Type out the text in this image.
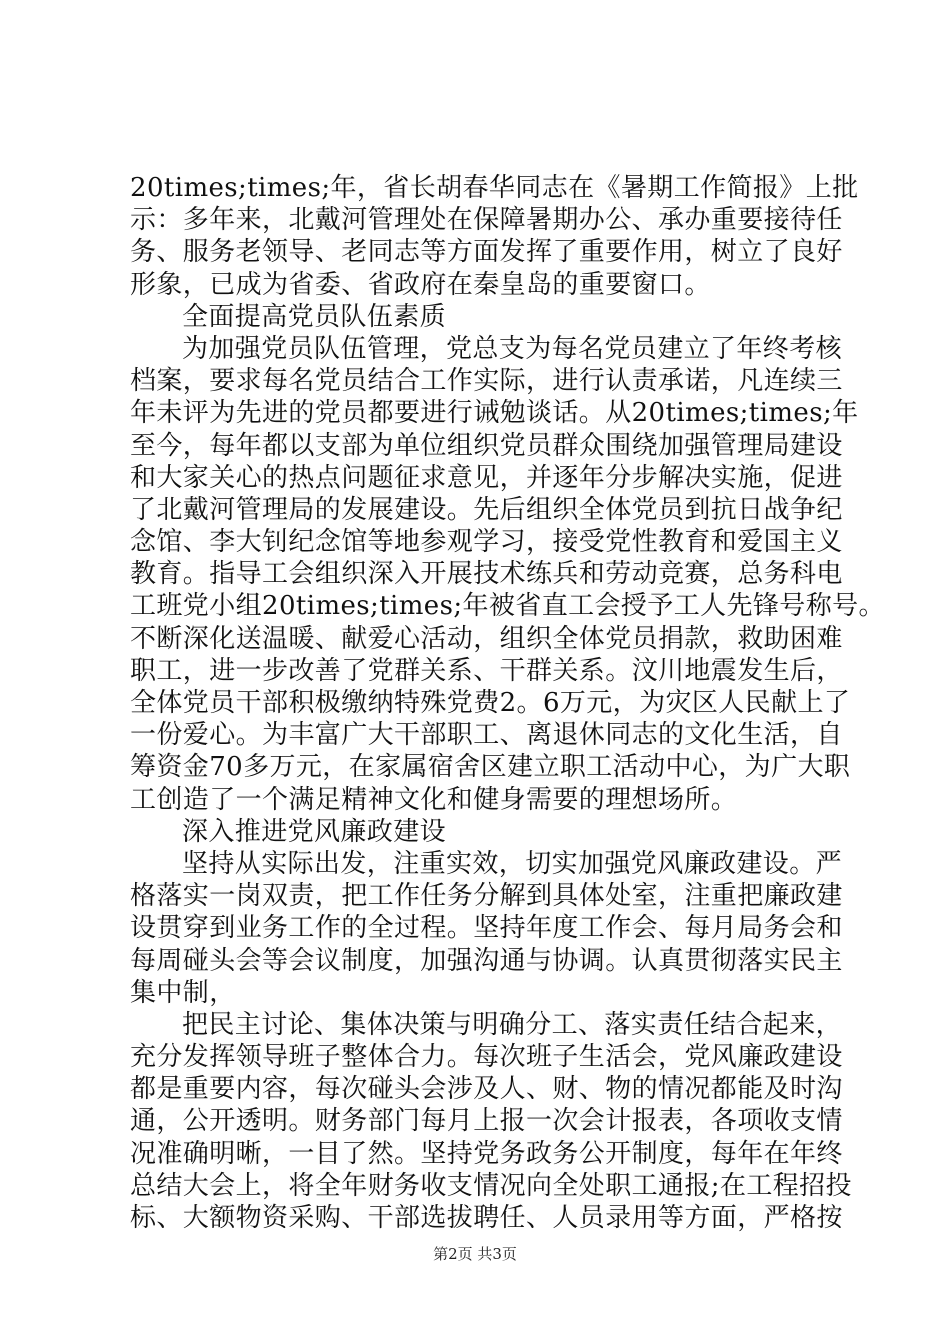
20times;times;年，省长胡春华同志在《暑期工作简报》上批
示：多年来，北戴河管理处在保障暑期办公、承办重要接待任
务、服务老领导、老同志等方面发挥了重要作用，树立了良好
形象，已成为省委、省政府在秦皇岛的重要窗口。
全面提高党员队伍素质
为加强党员队伍管理，党总支为每名党员建立了年终考核
档案，要求每名党员结合工作实际，进行认责承诺，凡连续三
年未评为先进的党员都要进行诫勉谈话。从20times;times;年
至今，每年都以支部为单位组织党员群众围绕加强管理局建设
和大家关心的热点问题征求意见，并逐年分步解决实施，促进
了北戴河管理局的发展建设。先后组织全体党员到抗日战争纪
念馆、李大钊纪念馆等地参观学习，接受党性教育和爱国主义
教育。指导工会组织深入开展技术练兵和劳动竞赛，总务科电
工班党小组20times;times;年被省直工会授予工人先锋号称号。
不断深化送温暖、献爱心活动，组织全体党员捐款，救助困难
职工，进一步改善了党群关系、干群关系。汶川地震发生后，
全体党员干部积极缴纳特殊党费2。6万元，为灾区人民献上了
一份爱心。为丰富广大干部职工、离退休同志的文化生活，自
筹资金70多万元，在家属宿舍区建立职工活动中心，为广大职
工创造了一个满足精神文化和健身需要的理想场所。
深入推进党风廉政建设
坚持从实际出发，注重实效，切实加强党风廉政建设。严
格落实一岗双责，把工作任务分解到具体处室，注重把廉政建
设贯穿到业务工作的全过程。坚持年度工作会、每月局务会和
每周碰头会等会议制度，加强沟通与协调。认真贯彻落实民主
集中制，
把民主讨论、集体决策与明确分工、落实责任结合起来，
充分发挥领导班子整体合力。每次班子生活会，党风廉政建设
都是重要内容，每次碰头会涉及人、财、物的情况都能及时沟
通，公开透明。财务部门每月上报一次会计报表，各项收支情
况准确明晰，一目了然。坚持党务政务公开制度，每年在年终
总结大会上，将全年财务收支情况向全处职工通报;在工程招投
标、大额物资采购、干部选拔聘任、人员录用等方面，严格按
第2页 共3页
